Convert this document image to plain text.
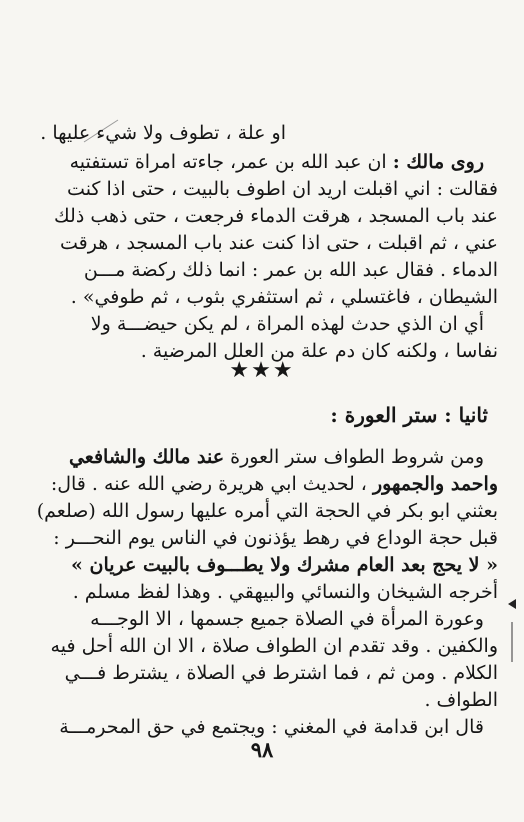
او علة ، تطوف ولا شيء عليها .
روى مالك : ان عبد الله بن عمر، جاءته امراة تستفتيه
فقالت : اني اقبلت اريد ان اطوف بالبيت ، حتى اذا كنت
عند باب المسجد ، هرقت الدماء فرجعت ، حتى ذهب ذلك
عني ، ثم اقبلت ، حتى اذا كنت عند باب المسجد ، هرقت
الدماء . فقال عبد الله بن عمر : انما ذلك ركضة مـــن
الشيطان ، فاغتسلي ، ثم استثفري بثوب ، ثم طوفي» .
أي ان الذي حدث لهذه المراة ، لم يكن حيضـــة ولا
نفاسا ، ولكنه كان دم علة من العلل المرضية .
★★★
ثانيا : ستر العورة :
ومن شروط الطواف ستر العورة عند مالك والشافعي
واحمد والجمهور ، لحديث ابي هريرة رضي الله عنه . قال:
بعثني ابو بكر في الحجة التي أمره عليها رسول الله (صلعم)
قبل حجة الوداع في رهط يؤذنون في الناس يوم النحـــر :
« لا يحج بعد العام مشرك ولا يطـــوف بالبيت عريان »
أخرجه الشيخان والنسائي والبيهقي . وهذا لفظ مسلم .
وعورة المرأة في الصلاة جميع جسمها ، الا الوجـــه
والكفين . وقد تقدم ان الطواف صلاة ، الا ان الله أحل فيه
الكلام . ومن ثم ، فما اشترط في الصلاة ، يشترط فـــي
الطواف .
قال ابن قدامة في المغني : ويجتمع في حق المحرمـــة
٩٨
